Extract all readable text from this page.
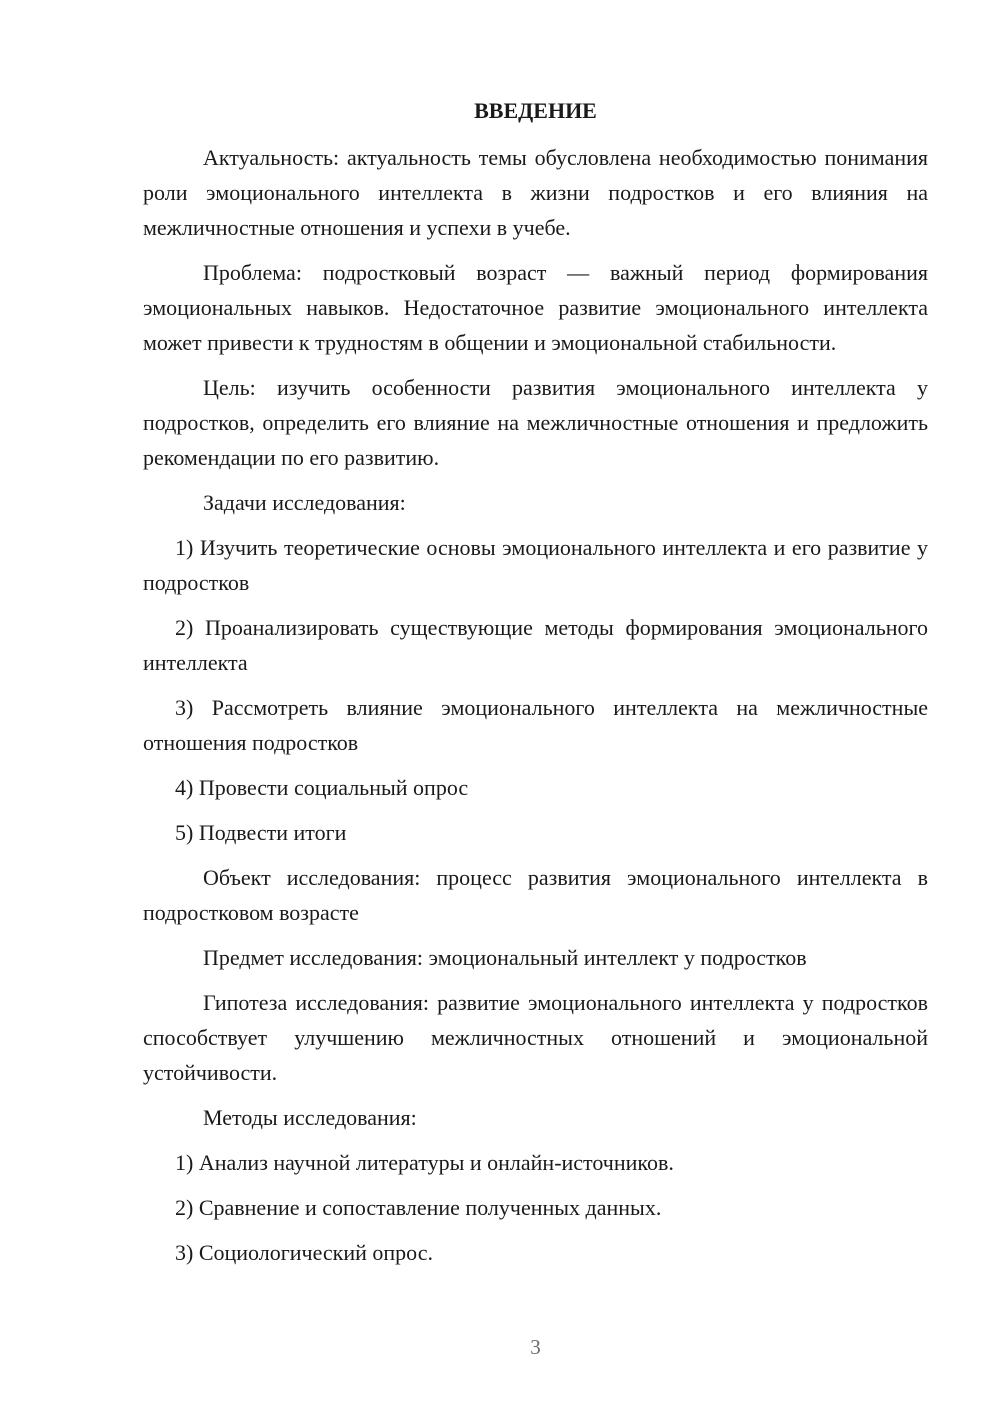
ВВЕДЕНИЕ

Актуальность: актуальность темы обусловлена необходимостью понимания роли эмоционального интеллекта в жизни подростков и его влияния на межличностные отношения и успехи в учебе.

Проблема: подростковый возраст — важный период формирования эмоциональных навыков. Недостаточное развитие эмоционального интеллекта может привести к трудностям в общении и эмоциональной стабильности.

Цель: изучить особенности развития эмоционального интеллекта у подростков, определить его влияние на межличностные отношения и предложить рекомендации по его развитию.

Задачи исследования:

1) Изучить теоретические основы эмоционального интеллекта и его развитие у подростков

2) Проанализировать существующие методы формирования эмоционального интеллекта

3) Рассмотреть влияние эмоционального интеллекта на межличностные отношения подростков

4) Провести социальный опрос

5) Подвести итоги

Объект исследования: процесс развития эмоционального интеллекта в подростковом возрасте

Предмет исследования: эмоциональный интеллект у подростков

Гипотеза исследования: развитие эмоционального интеллекта у подростков способствует улучшению межличностных отношений и эмоциональной устойчивости.

Методы исследования:

1) Анализ научной литературы и онлайн-источников.

2) Сравнение и сопоставление полученных данных.

3) Социологический опрос.

3
